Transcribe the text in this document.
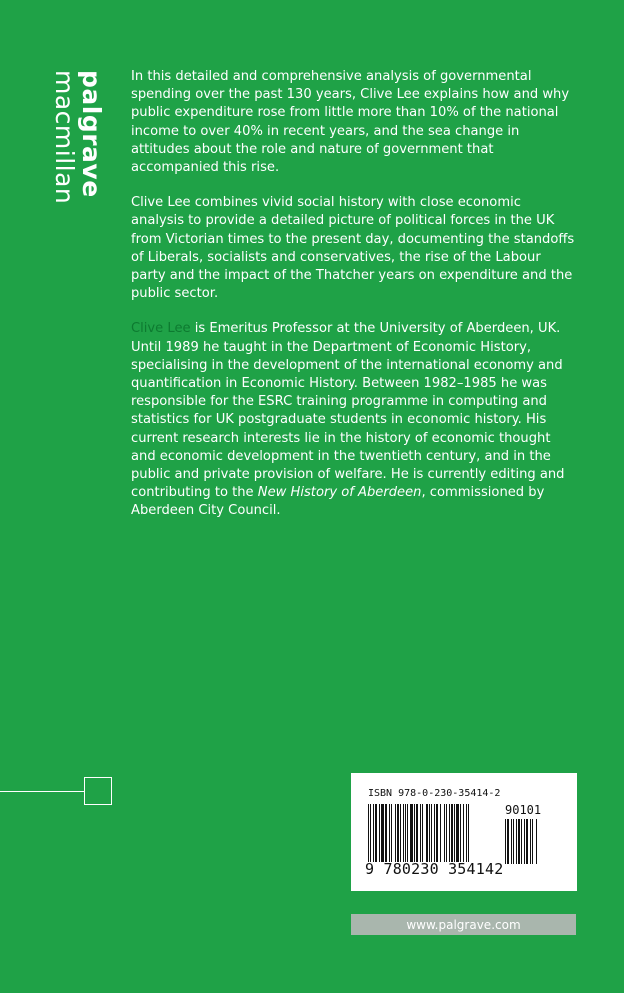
palgrave
macmillan	In this detailed and comprehensive analysis of governmental spending over the past 130 years, Clive Lee explains how and why public expenditure rose from little more than 10% of the national income to over 40% in recent years, and the sea change in attitudes about the role and nature of government that accompanied this rise.

Clive Lee combines vivid social history with close economic analysis to provide a detailed picture of political forces in the UK from Victorian times to the present day, documenting the standoffs of Liberals, socialists and conservatives, the rise of the Labour party and the impact of the Thatcher years on expenditure and the public sector.

Clive Lee is Emeritus Professor at the University of Aberdeen, UK. Until 1989 he taught in the Department of Economic History, specialising in the development of the international economy and quantification in Economic History. Between 1982–1985 he was responsible for the ESRC training programme in computing and statistics for UK postgraduate students in economic history. His current research interests lie in the history of economic thought and economic development in the twentieth century, and in the public and private provision of welfare. He is currently editing and contributing to the New History of Aberdeen, commissioned by Aberdeen City Council.

ISBN 978-0-230-35414-2
90101
9 780230 354142
www.palgrave.com
